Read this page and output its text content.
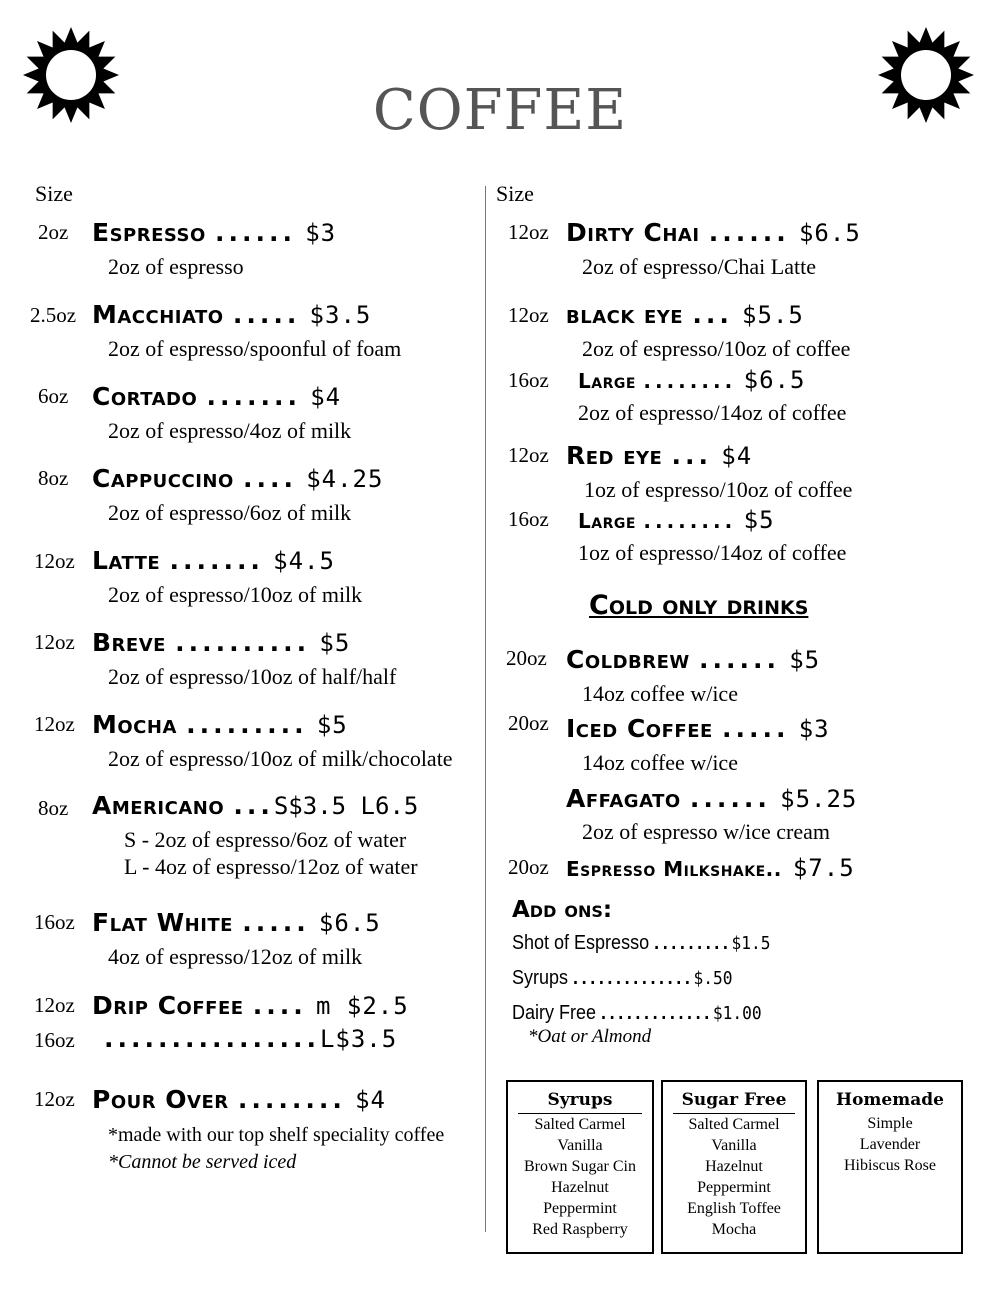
COFFEE
Size	Size
2oz Espresso ...... $3
2oz of espresso
2.5oz Macchiato ..... $3.5
2oz of espresso/spoonful of foam
6oz Cortado ....... $4
2oz of espresso/4oz of milk
8oz Cappuccino .... $4.25
2oz of espresso/6oz of milk
12oz Latte ....... $4.5
2oz of espresso/10oz of milk
12oz Breve .......... $5
2oz of espresso/10oz of half/half
12oz Mocha ......... $5
2oz of espresso/10oz of milk/chocolate
8oz Americano ...S$3.5 L6.5
S - 2oz of espresso/6oz of water
L - 4oz of espresso/12oz of water
16oz Flat White ..... $6.5
4oz of espresso/12oz of milk
12oz Drip Coffee .... m $2.5
16oz ................L$3.5
12oz Pour Over ........ $4
*made with our top shelf speciality coffee
*Cannot be served iced
12oz Dirty Chai ...... $6.5
2oz of espresso/Chai Latte
12oz black eye ... $5.5
2oz of espresso/10oz of coffee
16oz Large ........ $6.5
2oz of espresso/14oz of coffee
12oz Red eye ... $4
1oz of espresso/10oz of coffee
16oz Large ........ $5
1oz of espresso/14oz of coffee
Cold only drinks
20oz Coldbrew ...... $5
14oz coffee w/ice
20oz Iced Coffee ..... $3
14oz coffee w/ice
Affagato ...... $5.25
2oz of espresso w/ice cream
20oz Espresso Milkshake.. $7.5
Add ons:
Shot of Espresso .........$1.5
Syrups ..............$.50
Dairy Free .............$1.00
*Oat or Almond
Syrups
Salted Carmel
Vanilla
Brown Sugar Cin
Hazelnut
Peppermint
Red Raspberry
Sugar Free
Salted Carmel
Vanilla
Hazelnut
Peppermint
English Toffee
Mocha
Homemade
Simple
Lavender
Hibiscus Rose
